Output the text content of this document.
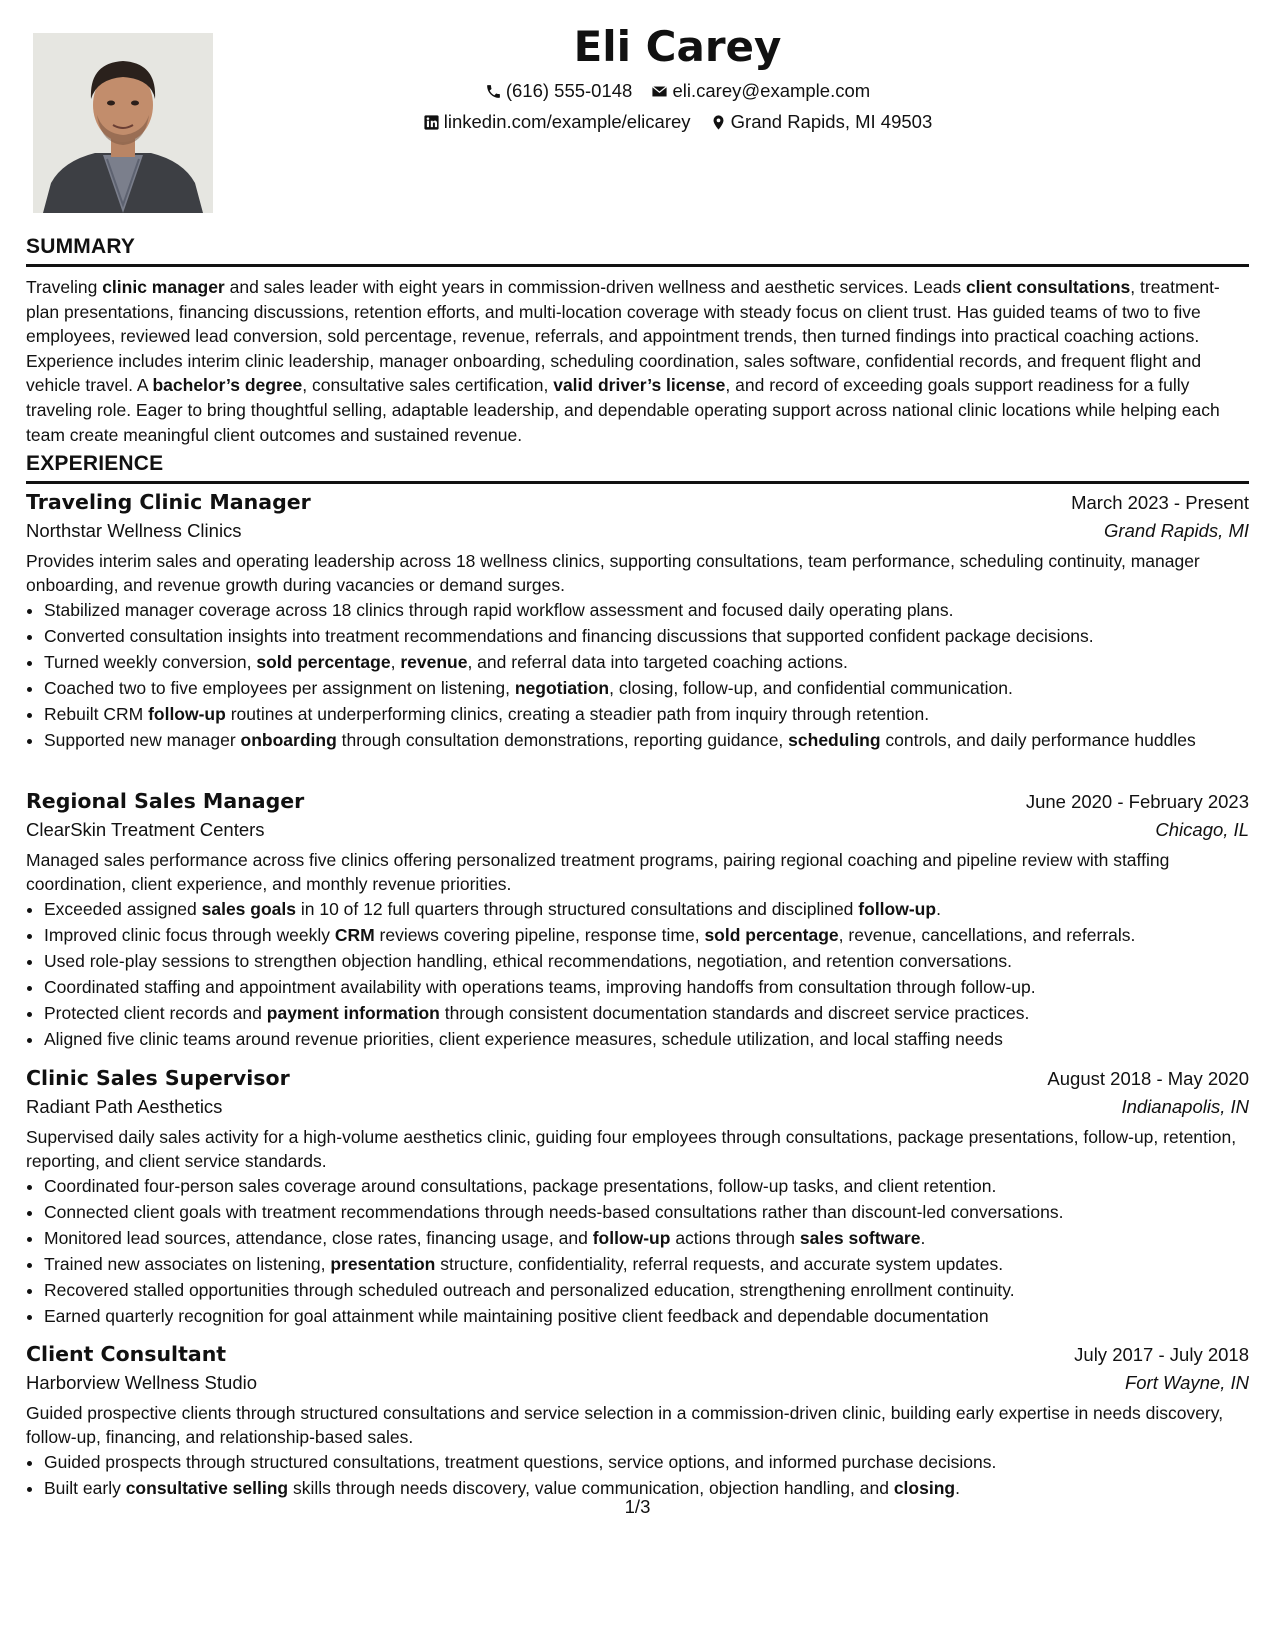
Eli Carey
(616) 555-0148
eli.carey@example.com
linkedin.com/example/elicarey
Grand Rapids, MI 49503
SUMMARY

Traveling clinic manager and sales leader with eight years in commission-driven wellness and aesthetic services. Leads client consultations, treatment-plan presentations, financing discussions, retention efforts, and multi-location coverage with steady focus on client trust. Has guided teams of two to five employees, reviewed lead conversion, sold percentage, revenue, referrals, and appointment trends, then turned findings into practical coaching actions. Experience includes interim clinic leadership, manager onboarding, scheduling coordination, sales software, confidential records, and frequent flight and vehicle travel. A bachelor’s degree, consultative sales certification, valid driver’s license, and record of exceeding goals support readiness for a fully traveling role. Eager to bring thoughtful selling, adaptable leadership, and dependable operating support across national clinic locations while helping each team create meaningful client outcomes and sustained revenue.

EXPERIENCE
Traveling Clinic Manager	March 2023 - Present
Northstar Wellness Clinics	Grand Rapids, MI

Provides interim sales and operating leadership across 18 wellness clinics, supporting consultations, team performance, scheduling continuity, manager onboarding, and revenue growth during vacancies or demand surges.

• Stabilized manager coverage across 18 clinics through rapid workflow assessment and focused daily operating plans.
• Converted consultation insights into treatment recommendations and financing discussions that supported confident package decisions.
• Turned weekly conversion, sold percentage, revenue, and referral data into targeted coaching actions.
• Coached two to five employees per assignment on listening, negotiation, closing, follow-up, and confidential communication.
• Rebuilt CRM follow-up routines at underperforming clinics, creating a steadier path from inquiry through retention.
• Supported new manager onboarding through consultation demonstrations, reporting guidance, scheduling controls, and daily performance huddles
Regional Sales Manager	June 2020 - February 2023
ClearSkin Treatment Centers	Chicago, IL

Managed sales performance across five clinics offering personalized treatment programs, pairing regional coaching and pipeline review with staffing coordination, client experience, and monthly revenue priorities.

• Exceeded assigned sales goals in 10 of 12 full quarters through structured consultations and disciplined follow-up.
• Improved clinic focus through weekly CRM reviews covering pipeline, response time, sold percentage, revenue, cancellations, and referrals.
• Used role-play sessions to strengthen objection handling, ethical recommendations, negotiation, and retention conversations.
• Coordinated staffing and appointment availability with operations teams, improving handoffs from consultation through follow-up.
• Protected client records and payment information through consistent documentation standards and discreet service practices.
• Aligned five clinic teams around revenue priorities, client experience measures, schedule utilization, and local staffing needs
Clinic Sales Supervisor	August 2018 - May 2020
Radiant Path Aesthetics	Indianapolis, IN

Supervised daily sales activity for a high-volume aesthetics clinic, guiding four employees through consultations, package presentations, follow-up, retention, reporting, and client service standards.

• Coordinated four-person sales coverage around consultations, package presentations, follow-up tasks, and client retention.
• Connected client goals with treatment recommendations through needs-based consultations rather than discount-led conversations.
• Monitored lead sources, attendance, close rates, financing usage, and follow-up actions through sales software.
• Trained new associates on listening, presentation structure, confidentiality, referral requests, and accurate system updates.
• Recovered stalled opportunities through scheduled outreach and personalized education, strengthening enrollment continuity.
• Earned quarterly recognition for goal attainment while maintaining positive client feedback and dependable documentation
Client Consultant	July 2017 - July 2018
Harborview Wellness Studio	Fort Wayne, IN

Guided prospective clients through structured consultations and service selection in a commission-driven clinic, building early expertise in needs discovery, follow-up, financing, and relationship-based sales.

• Guided prospects through structured consultations, treatment questions, service options, and informed purchase decisions.
• Built early consultative selling skills through needs discovery, value communication, objection handling, and closing.
1/3
